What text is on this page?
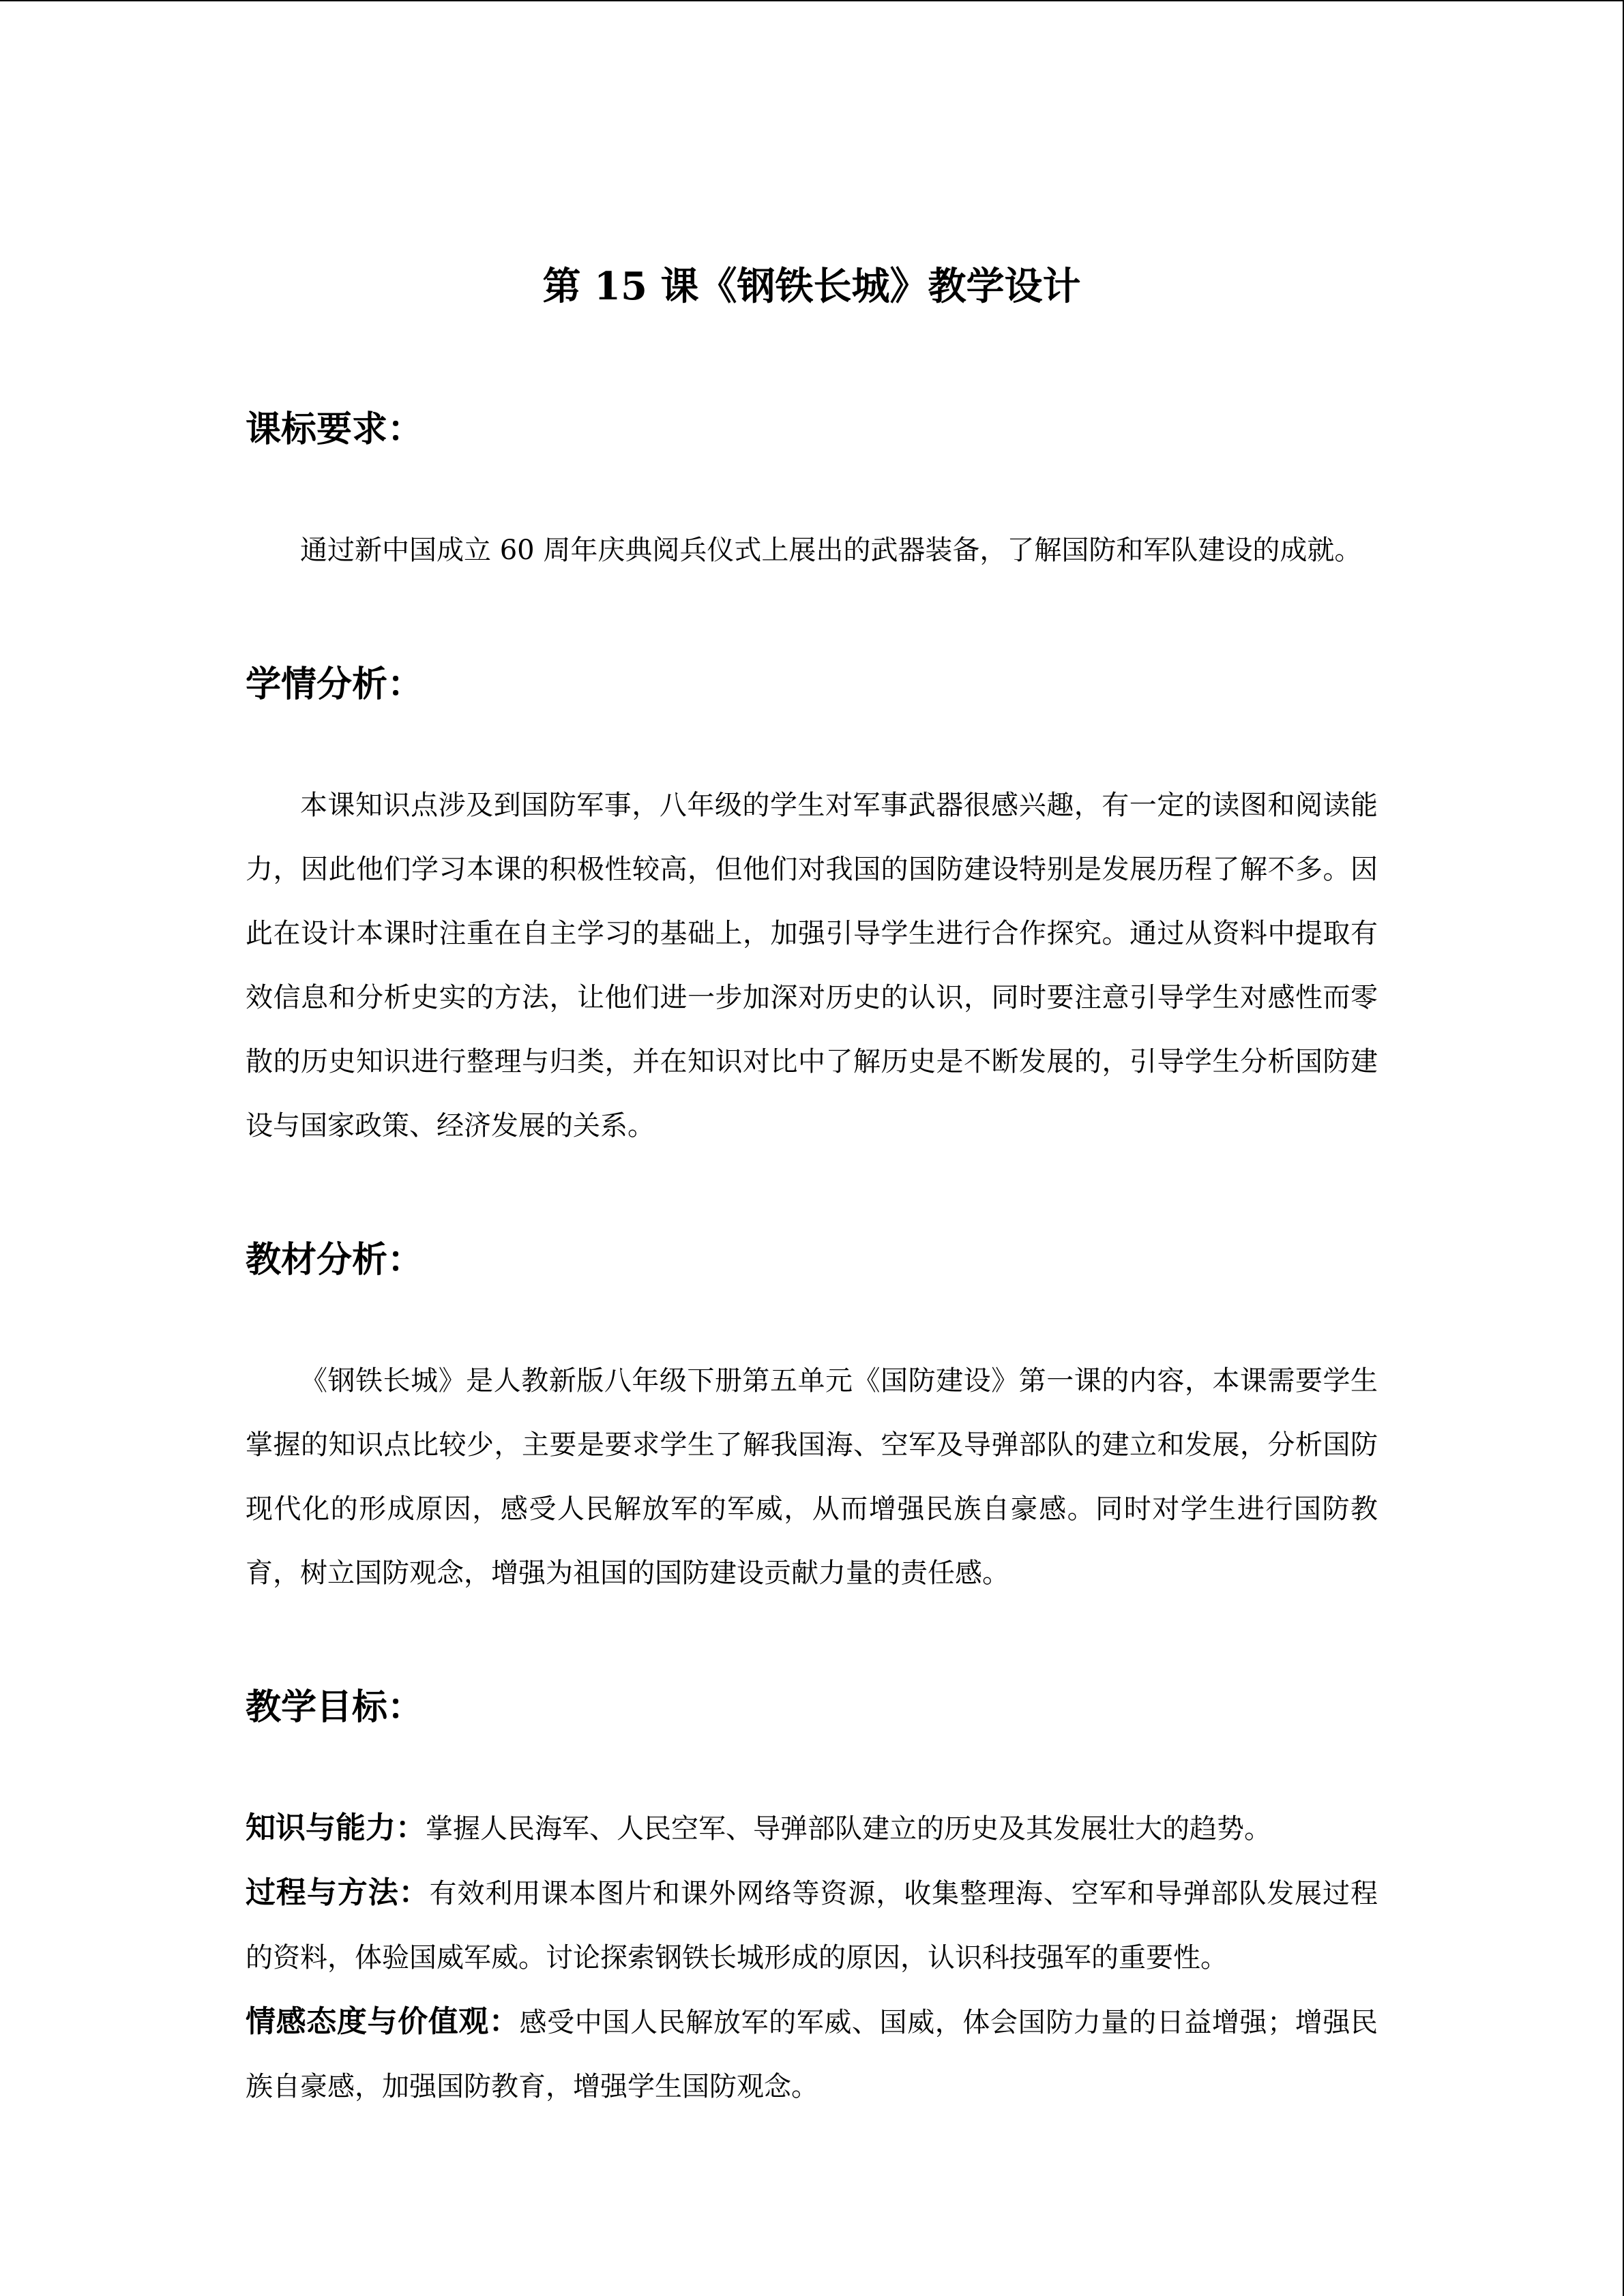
第 15 课《钢铁长城》教学设计
课标要求：

通过新中国成立 60 周年庆典阅兵仪式上展出的武器装备，了解国防和军队建设的成就。

学情分析：

本课知识点涉及到国防军事，八年级的学生对军事武器很感兴趣，有一定的读图和阅读能力，因此他们学习本课的积极性较高，但他们对我国的国防建设特别是发展历程了解不多。因此在设计本课时注重在自主学习的基础上，加强引导学生进行合作探究。通过从资料中提取有效信息和分析史实的方法，让他们进一步加深对历史的认识，同时要注意引导学生对感性而零散的历史知识进行整理与归类，并在知识对比中了解历史是不断发展的，引导学生分析国防建设与国家政策、经济发展的关系。

教材分析：

《钢铁长城》是人教新版八年级下册第五单元《国防建设》第一课的内容，本课需要学生掌握的知识点比较少，主要是要求学生了解我国海、空军及导弹部队的建立和发展，分析国防现代化的形成原因，感受人民解放军的军威，从而增强民族自豪感。同时对学生进行国防教育，树立国防观念，增强为祖国的国防建设贡献力量的责任感。

教学目标：

知识与能力：掌握人民海军、人民空军、导弹部队建立的历史及其发展壮大的趋势。

过程与方法：有效利用课本图片和课外网络等资源，收集整理海、空军和导弹部队发展过程的资料，体验国威军威。讨论探索钢铁长城形成的原因，认识科技强军的重要性。

情感态度与价值观：感受中国人民解放军的军威、国威，体会国防力量的日益增强；增强民族自豪感，加强国防教育，增强学生国防观念。
